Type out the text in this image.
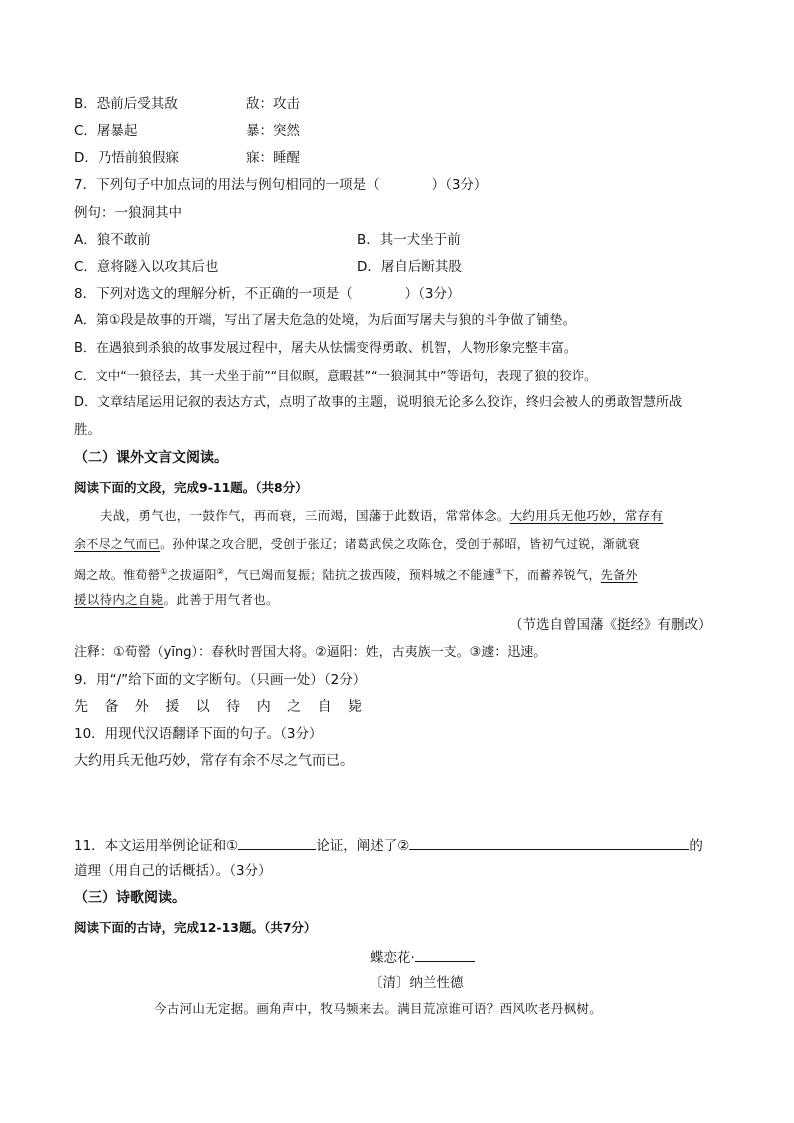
B．恐前后受其敌	敌：攻击
C．屠暴起	暴：突然
D．乃悟前狼假寐	寐：睡醒
7．下列句子中加点词的用法与例句相同的一项是（	）（3分）
例句：一狼洞其中
A．狼不敢前	B．其一犬坐于前
C．意将隧入以攻其后也	D．屠自后断其股
8．下列对选文的理解分析，不正确的一项是（	）（3分）
A．第①段是故事的开端，写出了屠夫危急的处境，为后面写屠夫与狼的斗争做了铺垫。
B．在遇狼到杀狼的故事发展过程中，屠夫从怯懦变得勇敢、机智，人物形象完整丰富。
C．文中“一狼径去，其一犬坐于前”“目似瞑，意暇甚”“一狼洞其中”等语句，表现了狼的狡诈。
D．文章结尾运用记叙的表达方式，点明了故事的主题，说明狼无论多么狡诈，终归会被人的勇敢智慧所战
胜。
（二）课外文言文阅读。
阅读下面的文段，完成9-11题。（共8分）
夫战，勇气也，一鼓作气，再而衰，三而竭，国藩于此数语，常常体念。大约用兵无他巧妙，常存有
余不尽之气而已。孙仲谋之攻合肥，受创于张辽；诸葛武侯之攻陈仓，受创于郝昭，皆初气过锐，渐就衰
竭之故。惟荀罃①之拔逼阳②，气已竭而复振；陆抗之拔西陵，预料城之不能遽③下，而蓄养锐气，先备外
援以待内之自毙。此善于用气者也。
（节选自曾国藩《挺经》有删改）
注释：①荀罃（yīng）：春秋时晋国大将。②逼阳：姓，古夷族一支。③遽：迅速。
9．用“/”给下面的文字断句。（只画一处）（2分）
先 备 外 援 以 待 内 之 自 毙
10．用现代汉语翻译下面的句子。（3分）
大约用兵无他巧妙，常存有余不尽之气而已。
11．本文运用举例论证和①	论证，阐述了②	的
道理（用自己的话概括）。（3分）
（三）诗歌阅读。
阅读下面的古诗，完成12-13题。（共7分）
蝶恋花·
〔清〕纳兰性德
今古河山无定据。画角声中，牧马频来去。满目荒凉谁可语？西风吹老丹枫树。
